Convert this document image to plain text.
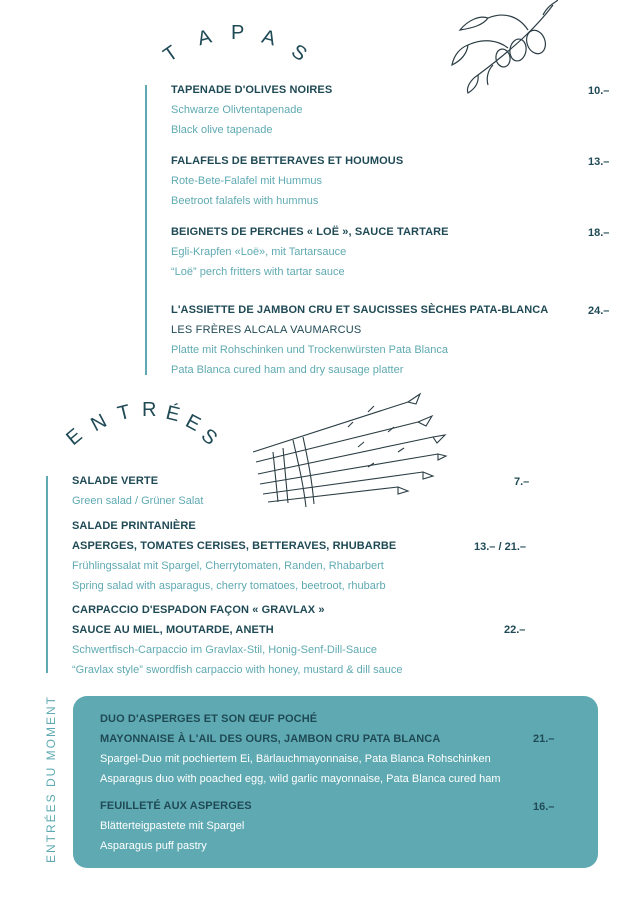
T
A P A
S
TAPENADE D'OLIVES NOIRES
Schwarze Olivtentapenade
Black olive tapenade
10.–
FALAFELS DE BETTERAVES ET HOUMOUS
Rote-Bete-Falafel mit Hummus
Beetroot falafels with hummus
13.–
BEIGNETS DE PERCHES « LOË », SAUCE TARTARE
Egli-Krapfen «Loë», mit Tartarsauce
“Loë” perch fritters with tartar sauce
18.–
L'ASSIETTE DE JAMBON CRU ET SAUCISSES SÈCHES PATA-BLANCA
LES FRÈRES ALCALA VAUMARCUS
Platte mit Rohschinken und Trockenwürsten Pata Blanca
Pata Blanca cured ham and dry sausage platter
24.–
E
N T R É E
S
SALADE VERTE
Green salad / Grüner Salat
7.–
SALADE PRINTANIÈRE
ASPERGES, TOMATES CERISES, BETTERAVES, RHUBARBE
Frühlingssalat mit Spargel, Cherrytomaten, Randen, Rhabarbert
Spring salad with asparagus, cherry tomatoes, beetroot, rhubarb
13.– / 21.–
CARPACCIO D'ESPADON FAÇON « GRAVLAX »
SAUCE AU MIEL, MOUTARDE, ANETH
Schwertfisch-Carpaccio im Gravlax-Stil, Honig-Senf-Dill-Sauce
“Gravlax style” swordfish carpaccio with honey, mustard & dill sauce
22.–
ENTRÉES DU MOMENT	DUO D'ASPERGES ET SON ŒUF POCHÉ
MAYONNAISE À L'AIL DES OURS, JAMBON CRU PATA BLANCA
Spargel-Duo mit pochiertem Ei, Bärlauchmayonnaise, Pata Blanca Rohschinken
Asparagus duo with poached egg, wild garlic mayonnaise, Pata Blanca cured ham
21.–
FEUILLETÉ AUX ASPERGES
Blätterteigpastete mit Spargel
Asparagus puff pastry
16.–
